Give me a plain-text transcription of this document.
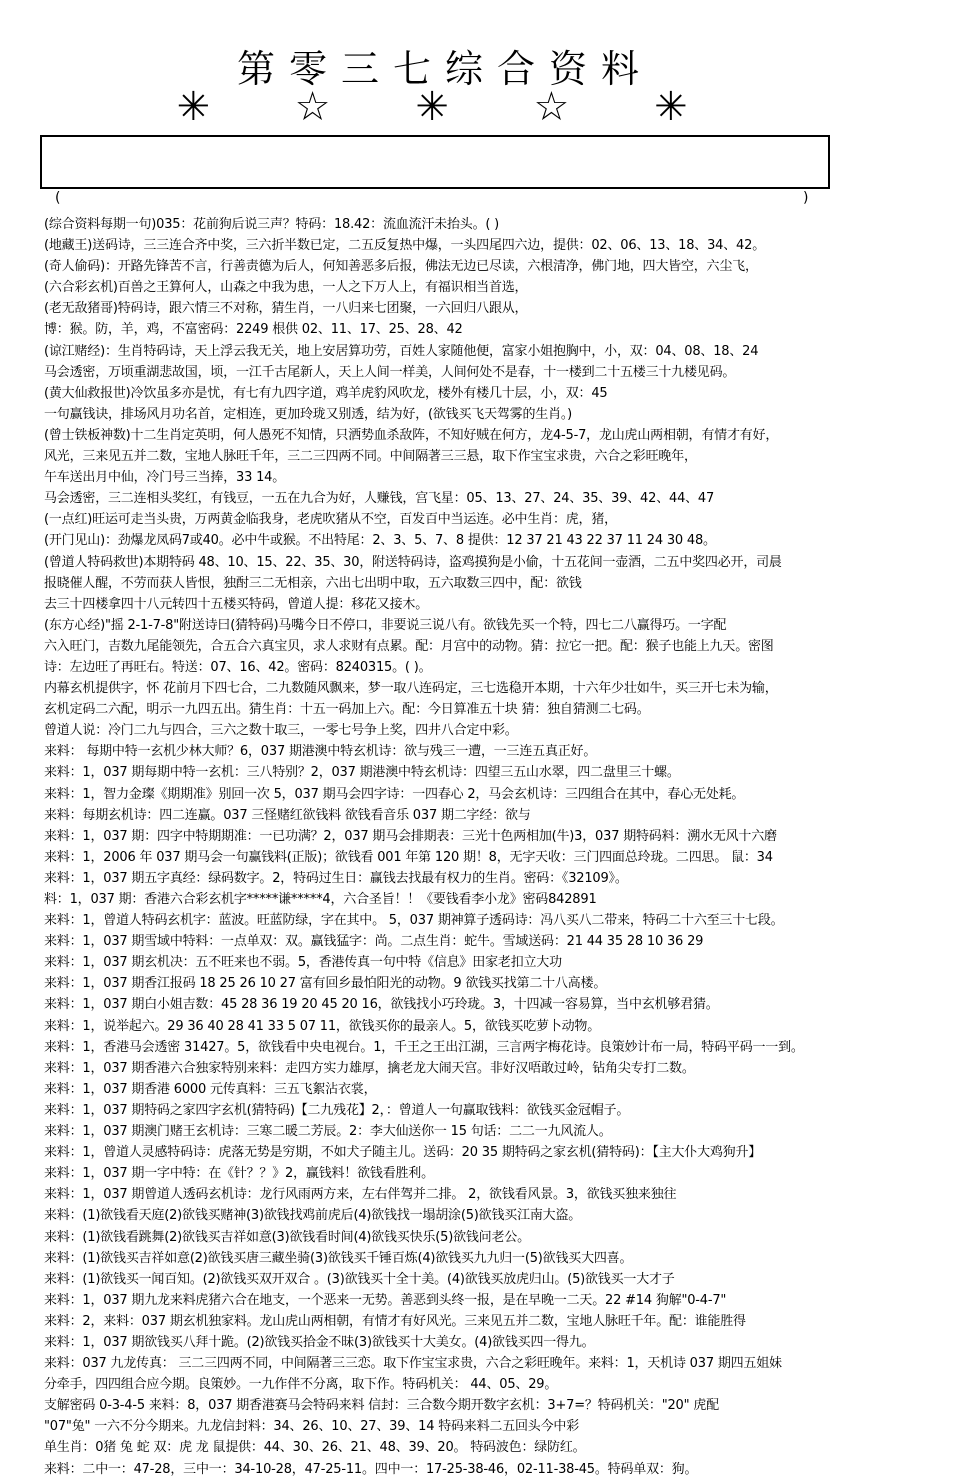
第零三七综合资料
✳ ☆ ✳ ☆ ✳
(	)
(综合资料每期一句)035：花前狗后说三声？特码：18.42：流血流汗未抬头。( )
(地藏王)送码诗，三三连合齐中奖，三六折半数已定，二五反复热中爆，一头四尾四六边，提供：02、06、13、18、34、42。
(奇人偷码)：开路先锋苦不言，行善责德为后人，何知善恶多后报，佛法无边已尽读，六根清净，佛门地，四大皆空，六尘飞，
(六合彩玄机)百兽之王算何人，山森之中我为患，一人之下万人上，有福识相当首选，
(老无敌猪哥)特码诗，跟六情三不对称，猜生肖，一八归来七团聚，一六回归八跟从，
博：猴。防，羊，鸡，不富密码：2249 根供 02、11、17、25、28、42
(谅江赌经)：生肖特码诗，天上浮云我无关，地上安居算功劳，百姓人家随他便，富家小姐抱胸中，小，双：04、08、18、24
马会透密，万顷重湖悲故国，顷，一江千古尾新人，天上人间一样美，人间何处不是春，十一楼到二十五楼三十九楼见码。
(黄大仙救报世)冷饮虽多亦是忧，有七有九四字道，鸡羊虎豹风吹龙，楼外有楼几十层，小，双：45
一句赢钱诀，排场风月功名首，定相连，更加玲珑又别透，结为好，(欲钱买飞天驾雾的生肖。)
(曾士铁板神数)十二生肖定英明，何人愚死不知情，只洒势血杀敌阵，不知好贼在何方，龙4-5-7，龙山虎山两相朝，有情才有好，
风光，三来见五并二数，宝地人脉旺千年，三二三四两不同。中间隔著三三悬，取下作宝宝求贵，六合之彩旺晚年，
午车送出月中仙，冷门号三当捧，33 14。
马会透密，三二连相头奖红，有钱豆，一五在九合为好，人赚钱，宫飞星：05、13、27、24、35、39、42、44、47
(一点红)旺运可走当头贵，万两黄金临我身，老虎吹猪从不空，百发百中当运连。必中生肖：虎，猪，
(开门见山)：劲爆龙凤码7或40。必中牛或猴。不出特尾：2、3、5、7、8 提供：12 37 21 43 22 37 11 24 30 48。
(曾道人特码救世)本期特码 48、10、15、22、35、30，附送特码诗，盗鸡摸狗是小偷，十五花间一壶酒，二五中奖四必开，司晨
报晓催人醒，不劳而获人皆恨，独酎三二无相亲，六出七出明中取，五六取数三四中，配：欲钱
去三十四楼拿四十八元转四十五楼买特码，曾道人提：移花又接木。
(东方心经)"摇 2-1-7-8"附送诗曰(猜特码)马嘴今日不停口，非要说三说八有。欲钱先买一个特，四七二八赢得巧。一字配
六入旺门，吉数九尾能领先，合五合六真宝贝，求人求财有点累。配：月宫中的动物。猜：拉它一把。配：猴子也能上九天。密图
诗：左边旺了再旺右。特送：07、16、42。密码：8240315。( )。
内幕玄机提供字，怀 花前月下四七合，二九数随风飘来，梦一取八连码定，三七选稳开本期，十六年少壮如牛，买三开七未为输，
玄机定码二六配，明示一九四五出。猜生肖：十五一码加上六。配：今日算准五十块 猜：独自猜测二七码。
曾道人说：冷门二九与四合，三六之数十取三，一零七号争上奖，四井八合定中彩。
来料： 每期中特一玄机少林大师？6，037 期港澳中特玄机诗：欲与残三一遭，一三连五真正好。
来料：1，037 期每期中特一玄机：三八特别？2，037 期港澳中特玄机诗：四望三五山水翠，四二盘里三十螺。
来料：1，智力金璨《期期准》别回一次 5，037 期马会四字诗：一四春心 2，马会玄机诗：三四组合在其中，春心无处耗。
来料：每期玄机诗：四二连赢。037 三怪赌红欲钱料 欲钱看音乐 037 期二字经：欲与
来料：1，037 期：四字中特期期准：一已功满？2，037 期马会排期表：三光十色两相加(牛)3，037 期特码料：溯水无风十六磨
来料：1，2006 年 037 期马会一句赢钱料(正版)；欲钱看 001 年第 120 期！8，无字天收：三门四面总玲珑。二四思。 鼠：34
来料：1，037 期五字真经：绿码数字。2，特码过生日：赢钱去找最有权力的生肖。密码：《32109》。
料：1，037 期：香港六合彩玄机字*****谦*****4，六合圣旨！！《要钱看李小龙》密码842891
来料：1，曾道人特码玄机字：蓝波。旺蓝防绿，字在其中。 5，037 期神算子透码诗：冯八买八二带来，特码二十六至三十七段。
来料：1，037 期雪域中特料：一点单双：双。赢钱猛字：尚。二点生肖：蛇牛。雪域送码：21 44 35 28 10 36 29
来料：1，037 期玄机决：五不旺来也不弱。5，香港传真一句中特《信息》田家老扣立大功
来料：1，037 期香江报码 18 25 26 10 27 富有回乡最怕阳光的动物。9 欲钱买找第二十八高楼。
来料：1，037 期白小姐吉数：45 28 36 19 20 45 20 16，欲钱找小巧玲珑。3，十四减一容易算，当中玄机够君猜。
来料：1，说举起六。29 36 40 28 41 33 5 07 11，欲钱买你的最亲人。5，欲钱买吃萝卜动物。
来料：1，香港马会透密 31427。5，欲钱看中央电视台。1，千王之王出江湖，三言两字梅花诗。良策妙计布一局，特码平码一一到。
来料：1，037 期香港六合独家特别来料：走四方实力雄厚，擒老龙大闹天宫。非好汉唔敢过岭，钻角尖专打二数。
来料：1，037 期香港 6000 元传真料：三五飞絮沾衣裳，
来料：1，037 期特码之家四字玄机(猜特码)【二九残花】2，：曾道人一句赢取钱料：欲钱买金冠帽子。
来料：1，037 期澳门赌王玄机诗：三寒二暖二芳辰。2：李大仙送你一 15 句话：二二一九风流人。
来料：1，曾道人灵感特码诗：虎落无势是穷期，不如犬子随主儿。送码：20 35 期特码之家玄机(猜特码)：【主大仆大鸡狗升】
来料：1，037 期一字中特：在《针？？》2，赢钱料！欲钱看胜利。
来料：1，037 期曾道人透码玄机诗：龙行风雨两方来，左右伴驾并二排。 2，欲钱看风景。3，欲钱买独来独往
来料：(1)欲钱看天庭(2)欲钱买赌神(3)欲钱找鸡前虎后(4)欲钱找一塌胡涂(5)欲钱买江南大盗。
来料：(1)欲钱看跳舞(2)欲钱买吉祥如意(3)欲钱看时间(4)欲钱买快乐(5)欲钱问老公。
来料：(1)欲钱买吉祥如意(2)欲钱买唐三藏坐骑(3)欲钱买千锤百炼(4)欲钱买九九归一(5)欲钱买大四喜。
来料：(1)欲钱买一闻百知。(2)欲钱买双开双合 。(3)欲钱买十全十美。(4)欲钱买放虎归山。(5)欲钱买一大才子
来料：1，037 期九龙来料虎猪六合在地支，一个恶来一无势。善恶到头终一报，是在早晚一二天。22 #14 狗解"0-4-7"
来料：2，来料：037 期玄机独家料。龙山虎山两相朝，有情才有好风光。三来见五并二数，宝地人脉旺千年。配：谁能胜得
来料：1，037 期欲钱买八拜十跪。(2)欲钱买拾金不昧(3)欲钱买十大美女。(4)欲钱买四一得九。
来料：037 九龙传真： 三二三四两不同，中间隔著三三恋。取下作宝宝求贵，六合之彩旺晚年。来料：1，天机诗 037 期四五姐妹
分牵手，四四组合应今期。良策妙。一九作伴不分离，取下作。特码机关： 44、05、29。
支解密码 0-3-4-5 来料：8，037 期香港赛马会特码来料 信封：三合数今期开数字玄机：3+7=？特码机关："20" 虎配
"07"兔" 一六不分今期来。九龙信封料：34、26、10、27、39、14 特码来料二五回头今中彩
单生肖：0猪 兔 蛇 双：虎 龙 鼠提供：44、30、26、21、48、39、20。 特码波色：绿防红。
来料：二中一：47-28，三中一：34-10-28，47-25-11。四中一：17-25-38-46，02-11-38-45。特码单双：狗。
